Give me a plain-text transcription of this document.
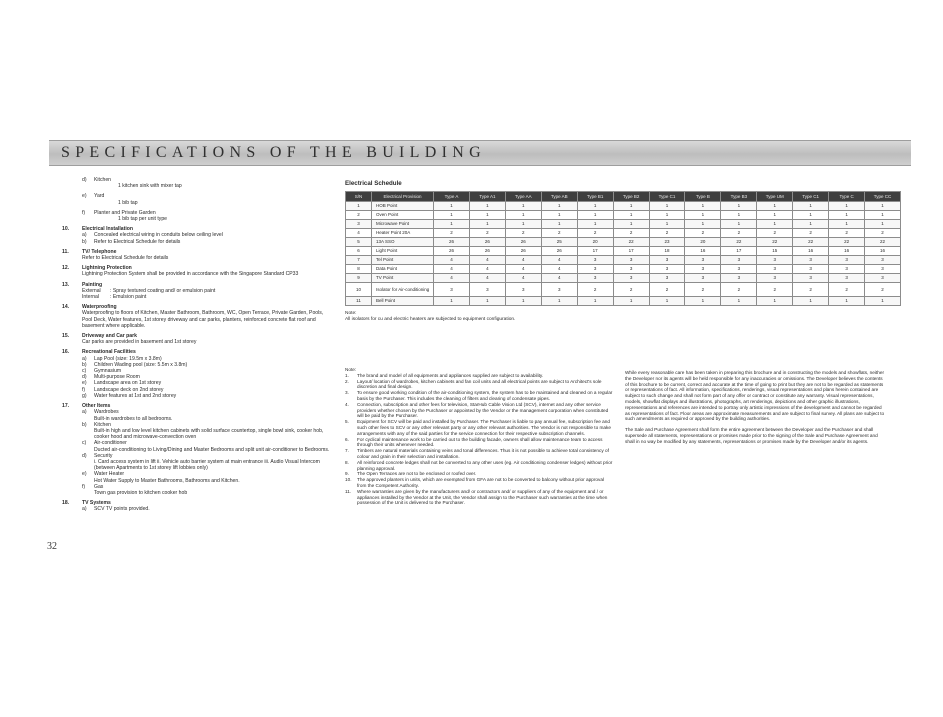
SPECIFICATIONS OF THE BUILDING
d)	Kitchen
1 kitchen sink with mixer tap
e)	Yard
1 bib tap
f)	Planter and Private Garden
1 bib tap per unit type
10.	Electrical Installation
a)	Concealed electrical wiring in conduits below ceiling level
b)	Refer to Electrical Schedule for details
11.	TV/ Telephone
Refer to Electrical Schedule for details
12.	Lightning Protection
Lightning Protection System shall be provided in accordance with the Singapore Standard CP33
13.	Painting
External	: Spray textured coating and/ or emulsion paint
Internal	: Emulsion paint
14.	Waterproofing
Waterproofing to floors of Kitchen, Master Bathroom, Bathroom, WC, Open Terrace, Private Garden, Pools, Pool Deck, Water features, 1st storey driveway and car parks, planters, reinforced concrete flat roof and basement where applicable.
15.	Driveway and Car park
Car parks are provided in basement and 1st storey
16.	Recreational Facilities
a)	Lap Pool (size: 19.5m x 3.8m)
b)	Children Wading pool (size: 5.5m x 3.8m)
c)	Gymnasium
d)	Multi-purpose Room
e)	Landscape area on 1st storey
f)	Landscape deck on 2nd storey
g)	Water features at 1st and 2nd storey
17.	Other Items
a)	Wardrobes
Built-in wardrobes to all bedrooms.
b)	Kitchen
Built-in high and low level kitchen cabinets with solid surface countertop, single bowl sink, cooker hob, cooker hood and microwave-convection oven
c)	Air-conditioner
Ducted air-conditioning to Living/Dining and Master Bedrooms and split unit air-conditioner to Bedrooms.
d)	Security
i. Card access system in lift ii. Vehicle auto barrier system at main entrance iii. Audio Visual Intercom (between Apartments to 1st storey lift lobbies only)
e)	Water Heater
Hot Water Supply to Master Bathrooms, Bathrooms and Kitchen.
f)	Gas
Town gas provision to kitchen cooker hob
18.	TV Systems
a)	SCV TV points provided.
Electrical Schedule
S/N	Electrical Provision	Type A	Type A1	Type AA	Type AB	Type B1	Type B2	Type C1	Type B	Type B3	Type UM	Type C1	Type C	Type CC
1	HOB Point	1	1	1	1	1	1	1	1	1	1	1	1	1
2	Oven Point	1	1	1	1	1	1	1	1	1	1	1	1	1
3	Microwave Point	1	1	1	1	1	1	1	1	1	1	1	1	1
4	Heater Point 20A	2	2	2	2	2	2	2	2	2	2	2	2	2
5	13A SSO	26	26	26	25	20	22	23	20	22	22	22	22	22
6	Light Point	26	26	26	26	17	17	18	16	17	15	16	16	16
7	Tel Point	4	4	4	4	3	3	3	3	3	3	3	3	3
8	Data Point	4	4	4	4	3	3	3	3	3	3	3	3	3
9	TV Point	4	4	4	4	3	3	3	3	3	3	3	3	3
10	Isolator for Air-conditioning	3	3	3	3	2	2	2	2	2	2	2	2	2
11	Bell Point	1	1	1	1	1	1	1	1	1	1	1	1	1
Note:
All isolators for cu and electric heaters are subjected to equipment configuration.
Note:
1.	The brand and model of all equipments and appliances supplied are subject to availability.
2.	Layout/ location of wardrobes, kitchen cabinets and fan coil units and all electrical points are subject to Architect's sole discretion and final design.
3.	To ensure good working condition of the air-conditioning system, the system has to be maintained and cleaned on a regular basis by the Purchaser. This includes the cleaning of filters and clearing of condensate pipes.
4.	Connection, subscription and other fees for television, StarHub Cable Vision Ltd (SCV), internet and any other service providers whether chosen by the Purchaser or appointed by the Vendor or the management corporation when constituted will be paid by the Purchaser.
5.	Equipment for SCV will be paid and installed by Purchaser. The Purchaser is liable to pay annual fee, subscription fee and such other fees to SCV or any other relevant party or any other relevant authorities. The Vendor is not responsible to make arrangements with any of the said parties for the service connection for their respective subscription channels.
6.	For cyclical maintenance work to be carried out to the building facade, owners shall allow maintenance team to access through their units whenever needed.
7.	Timbers are natural materials containing veins and tonal differences. Thus it is not possible to achieve total consistency of colour and grain in their selection and installation.
8.	All reinforced concrete ledges shall not be converted to any other uses (eg. Air conditioning condenser ledges) without prior planning approval.
9.	The Open Terraces are not to be enclosed or roofed over.
10.	The approved planters in units, which are exempted from GFA are not to be converted to balcony without prior approval from the Competent Authority.
11.	Where warranties are given by the manufacturers and/ or contractors and/ or suppliers of any of the equipment and / or appliances installed by the Vendor at the Unit, the Vendor shall assign to the Purchaser such warranties at the time when possession of the Unit is delivered to the Purchaser.

While every reasonable care has been taken in preparing this brochure and in constructing the models and showflats, neither the Developer nor its agents will be held responsible for any inaccuracies or omissions. The Developer believes the contents of this brochure to be current, correct and accurate at the time of going to print but they are not to be regarded as statements or representations of fact. All information, specifications, renderings, visual representations and plans herein contained are subject to such change and shall not form part of any offer or contract or constitute any warranty. Visual representations, models, showflat displays and illustrations, photographs, art renderings, depictions and other graphic illustrations, representations and references are intended to portray only artistic impressions of the development and cannot be regarded as representations of fact. Floor areas are approximate measurements and are subject to final survey. All plans are subject to such amendments as required or approved by the building authorities.

The Sale and Purchase Agreement shall form the entire agreement between the Developer and the Purchaser and shall supersede all statements, representations or promises made prior to the signing of the Sale and Purchase Agreement and shall in no way be modified by any statements, representations or promises made by the Developer and/or its agents.

32
